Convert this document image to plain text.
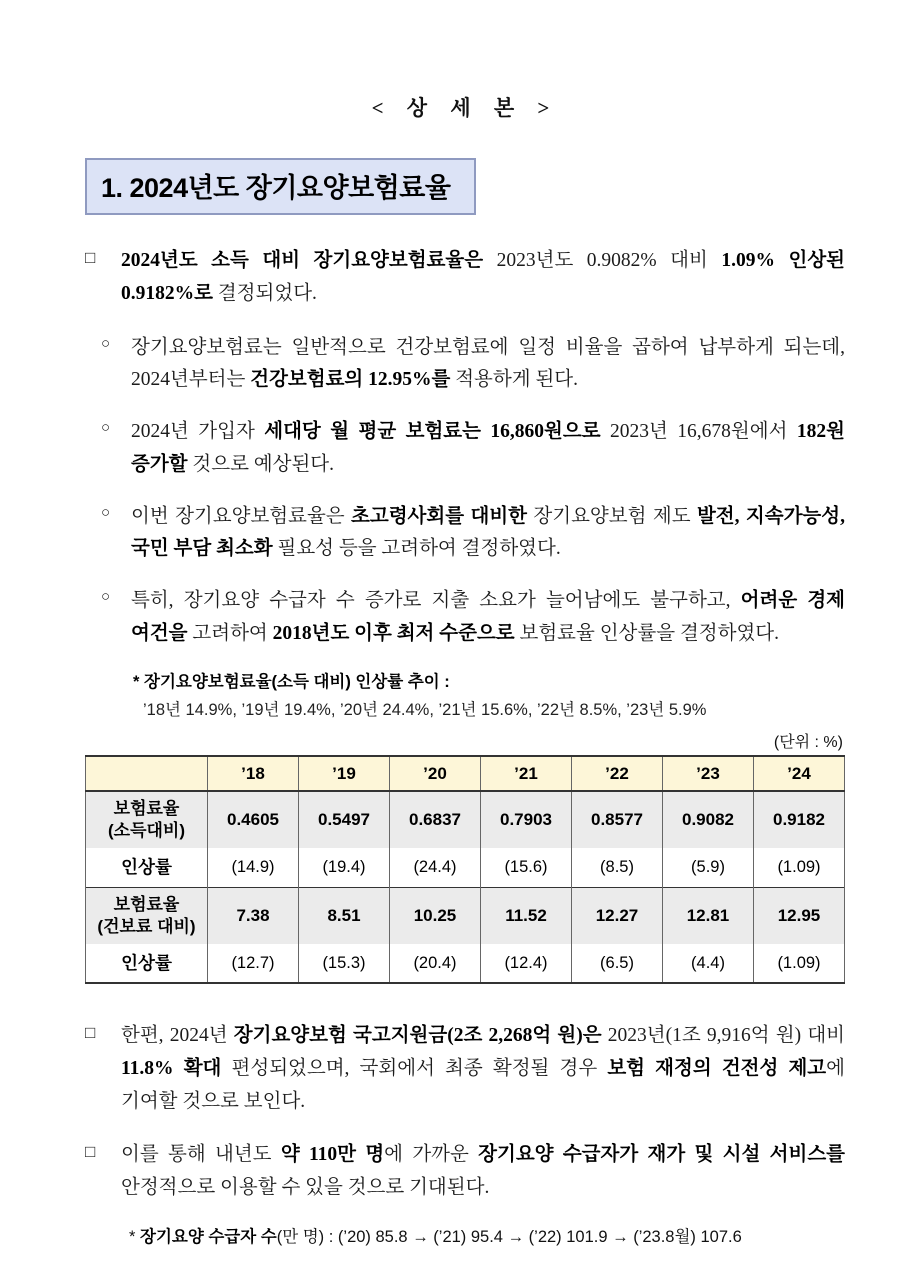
< 상 세 본 >
1. 2024년도 장기요양보험료율
□	2024년도 소득 대비 장기요양보험료율은 2023년도 0.9082% 대비 1.09% 인상된 0.9182%로 결정되었다.
○	장기요양보험료는 일반적으로 건강보험료에 일정 비율을 곱하여 납부하게 되는데, 2024년부터는 건강보험료의 12.95%를 적용하게 된다.
○	2024년 가입자 세대당 월 평균 보험료는 16,860원으로 2023년 16,678원에서 182원 증가할 것으로 예상된다.
○	이번 장기요양보험료율은 초고령사회를 대비한 장기요양보험 제도 발전, 지속가능성, 국민 부담 최소화 필요성 등을 고려하여 결정하였다.
○	특히, 장기요양 수급자 수 증가로 지출 소요가 늘어남에도 불구하고, 어려운 경제 여건을 고려하여 2018년도 이후 최저 수준으로 보험료율 인상률을 결정하였다.
* 장기요양보험료율(소득 대비) 인상률 추이 :
’18년 14.9%, ’19년 19.4%, ’20년 24.4%, ’21년 15.6%, ’22년 8.5%, ’23년 5.9%
(단위 : %)
	’18	’19	’20	’21	’22	’23	’24
보험료율
(소득대비)	0.4605	0.5497	0.6837	0.7903	0.8577	0.9082	0.9182
인상률	(14.9)	(19.4)	(24.4)	(15.6)	(8.5)	(5.9)	(1.09)
보험료율
(건보료 대비)	7.38	8.51	10.25	11.52	12.27	12.81	12.95
인상률	(12.7)	(15.3)	(20.4)	(12.4)	(6.5)	(4.4)	(1.09)
□	한편, 2024년 장기요양보험 국고지원금(2조 2,268억 원)은 2023년(1조 9,916억 원) 대비 11.8% 확대 편성되었으며, 국회에서 최종 확정될 경우 보험 재정의 건전성 제고에 기여할 것으로 보인다.
□	이를 통해 내년도 약 110만 명에 가까운 장기요양 수급자가 재가 및 시설 서비스를 안정적으로 이용할 수 있을 것으로 기대된다.
* 장기요양 수급자 수(만 명) : (’20) 85.8 → (’21) 95.4 → (’22) 101.9 → (’23.8월) 107.6
